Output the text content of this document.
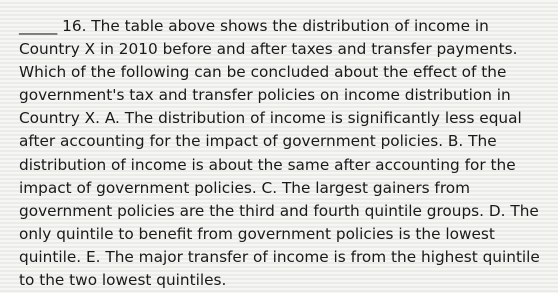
_____ 16. The table above shows the distribution of income in Country X in 2010 before and after taxes and transfer payments. Which of the following can be concluded about the effect of the government's tax and transfer policies on income distribution in Country X. A. The distribution of income is significantly less equal after accounting for the impact of government policies. B. The distribution of income is about the same after accounting for the impact of government policies. C. The largest gainers from government policies are the third and fourth quintile groups. D. The only quintile to benefit from government policies is the lowest quintile. E. The major transfer of income is from the highest quintile to the two lowest quintiles.
